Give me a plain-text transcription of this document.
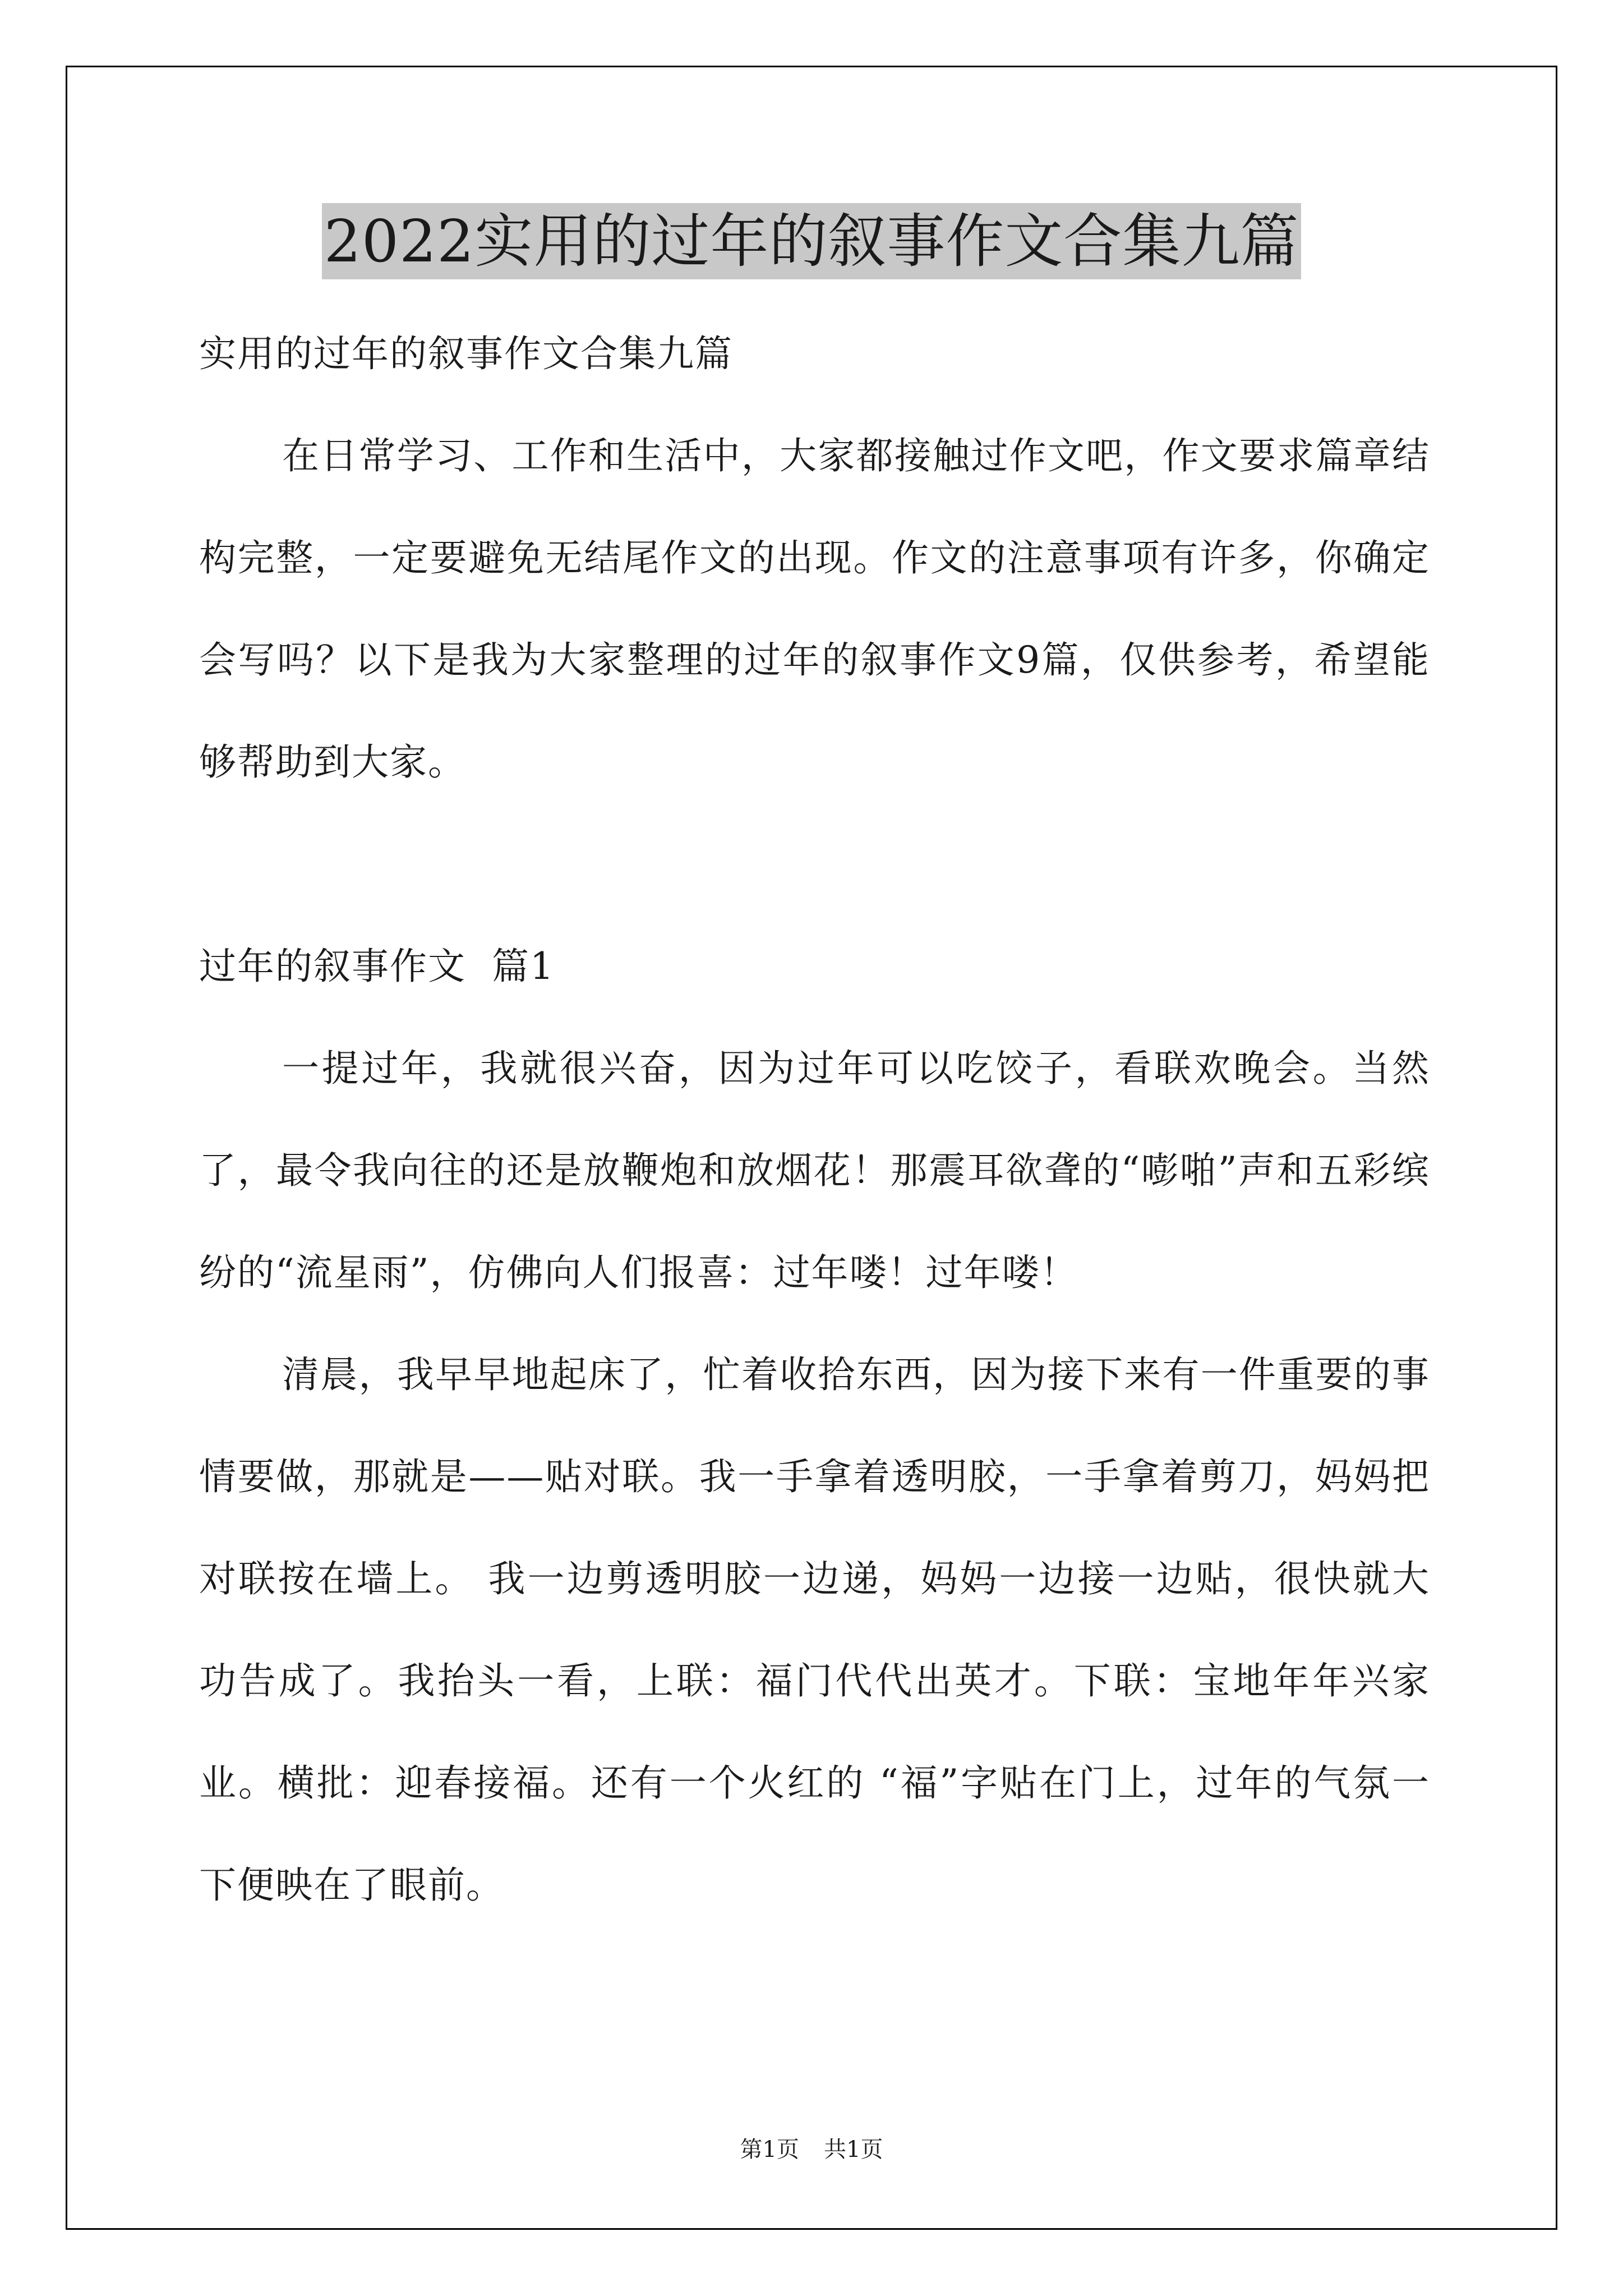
2022实用的过年的叙事作文合集九篇

实用的过年的叙事作文合集九篇

在日常学习、工作和生活中，大家都接触过作文吧，作文要求篇章结构完整，一定要避免无结尾作文的出现。作文的注意事项有许多，你确定会写吗？以下是我为大家整理的过年的叙事作文9篇，仅供参考，希望能够帮助到大家。

过年的叙事作文  篇1

一提过年，我就很兴奋，因为过年可以吃饺子，看联欢晚会。当然了，最令我向往的还是放鞭炮和放烟花！那震耳欲聋的“嘭啪”声和五彩缤纷的“流星雨”，仿佛向人们报喜：过年喽！过年喽！

清晨，我早早地起床了，忙着收拾东西，因为接下来有一件重要的事情要做，那就是——贴对联。我一手拿着透明胶，一手拿着剪刀，妈妈把对联按在墙上。 我一边剪透明胶一边递，妈妈一边接一边贴，很快就大功告成了。我抬头一看，上联：福门代代出英才。下联：宝地年年兴家业。横批：迎春接福。还有一个火红的 “福”字贴在门上，过年的气氛一下便映在了眼前。

第1页 共1页
